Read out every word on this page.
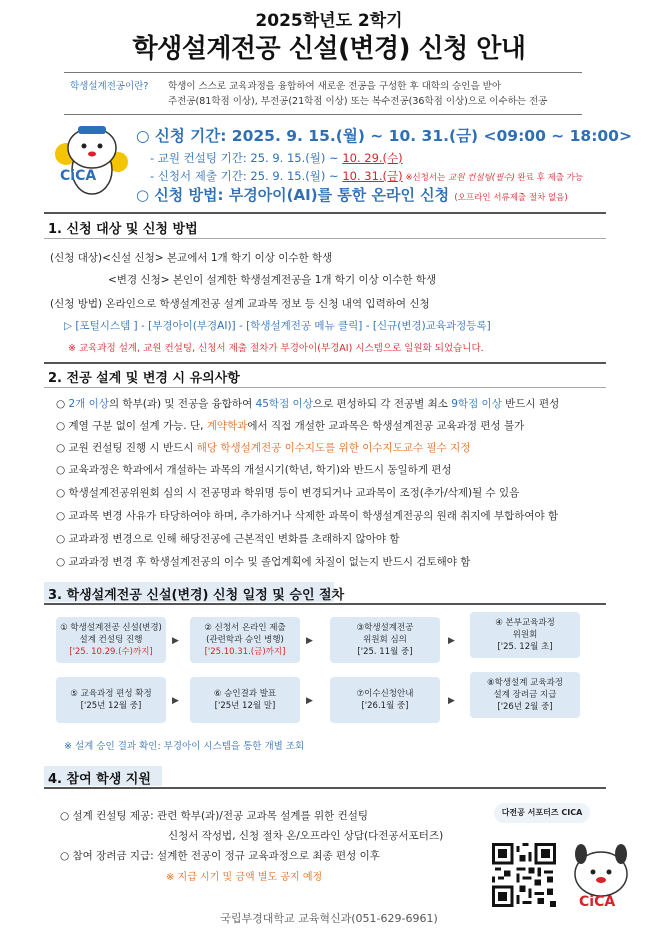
2025학년도 2학기
학생설계전공 신설(변경) 신청 안내
학생설계전공이란? 학생이 스스로 교육과정을 융합하여 새로운 전공을 구성한 후 대학의 승인을 받아
주전공(81학점 이상), 부전공(21학점 이상) 또는 복수전공(36학점 이상)으로 이수하는 전공
CiCA
○ 신청 기간: 2025. 9. 15.(월) ~ 10. 31.(금) <09:00 ~ 18:00>
- 교원 컨설팅 기간: 25. 9. 15.(월) ~ 10. 29.(수)
- 신청서 제출 기간: 25. 9. 15.(월) ~ 10. 31.(금) ※신청서는 교원 컨설팅(필수) 완료 후 제출 가능
○ 신청 방법: 부경아이(AI)를 통한 온라인 신청 (오프라인 서류제출 절차 없음)
1. 신청 대상 및 신청 방법
(신청 대상)<신설 신청> 본교에서 1개 학기 이상 이수한 학생
<변경 신청> 본인이 설계한 학생설계전공을 1개 학기 이상 이수한 학생
(신청 방법) 온라인으로 학생설계전공 설계 교과목 정보 등 신청 내역 입력하여 신청
▷ [포털시스템 ] - [부경아이(부경AI)] - [학생설계전공 메뉴 클릭] - [신규(변경)교육과정등록]
※ 교육과정 설계, 교원 컨설팅, 신청서 제출 절차가 부경아이(부경AI) 시스템으로 일원화 되었습니다.
2. 전공 설계 및 변경 시 유의사항
○ 2개 이상의 학부(과) 및 전공을 융합하여 45학점 이상으로 편성하되 각 전공별 최소 9학점 이상 반드시 편성
○ 계열 구분 없이 설계 가능. 단, 계약학과에서 직접 개설한 교과목은 학생설계전공 교육과정 편성 불가
○ 교원 컨설팅 진행 시 반드시 해당 학생설계전공 이수지도를 위한 이수지도교수 필수 지정
○ 교육과정은 학과에서 개설하는 과목의 개설시기(학년, 학기)와 반드시 동일하게 편성
○ 학생설계전공위원회 심의 시 전공명과 학위명 등이 변경되거나 교과목이 조정(추가/삭제)될 수 있음
○ 교과목 변경 사유가 타당하여야 하며, 추가하거나 삭제한 과목이 학생설계전공의 원래 취지에 부합하여야 함
○ 교과과정 변경으로 인해 해당전공에 근본적인 변화를 초래하지 않아야 함
○ 교과과정 변경 후 학생설계전공의 이수 및 졸업계획에 차질이 없는지 반드시 검토해야 함
3. 학생설계전공 신설(변경) 신청 일정 및 승인 절차
① 학생설계전공 신설(변경)
설계 컨설팅 진행
['25. 10.29.(수)까지]
▶
② 신청서 온라인 제출
(관련학과 승인 병행)
['25.10.31.(금)까지]
▶
③학생설계전공
위원회 심의
['25. 11월 중]
▶
④ 본부교육과정
위원회
['25. 12월 초]
⑤ 교육과정 편성 확정
['25년 12월 중]	▶
⑥ 승인결과 발표
['25년 12월 말]	▶
⑦이수신청안내
['26.1월 중]	▶
⑧학생설계 교육과정
설계 장려금 지급
['26년 2월 중]
※ 설계 승인 결과 확인: 부경아이 시스템을 통한 개별 조회
4. 참여 학생 지원
○ 설계 컨설팅 제공: 관련 학부(과)/전공 교과목 설계를 위한 컨설팅
신청서 작성법, 신청 절차 온/오프라인 상담(다전공서포터즈)
○ 참여 장려금 지급: 설계한 전공이 정규 교육과정으로 최종 편성 이후
※ 지급 시기 및 금액 별도 공지 예정
다전공 서포터즈 CICA
CiCA
국립부경대학교 교육혁신과(051-629-6961)
